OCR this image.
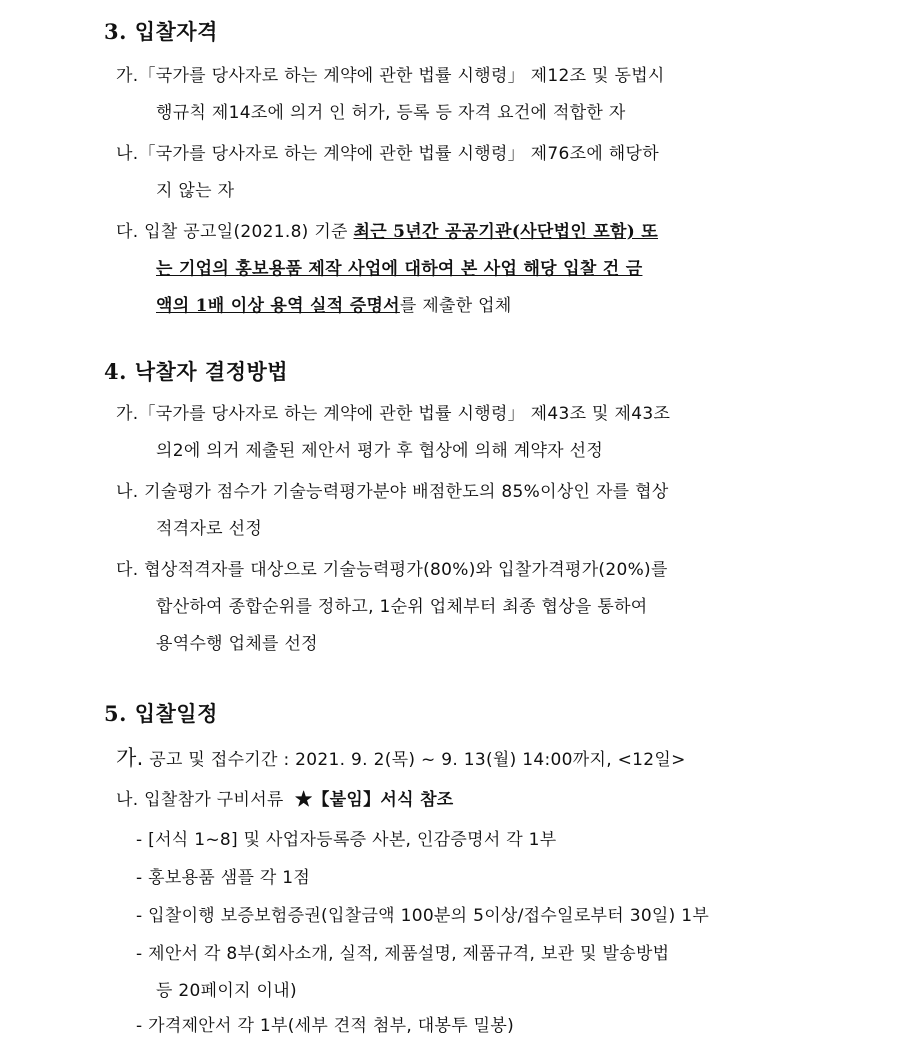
3. 입찰자격

가.「국가를 당사자로 하는 계약에 관한 법률 시행령」 제12조 및 동법시
행규칙 제14조에 의거 인 허가, 등록 등 자격 요건에 적합한 자

나.「국가를 당사자로 하는 계약에 관한 법률 시행령」 제76조에 해당하
지 않는 자

다. 입찰 공고일(2021.8) 기준 최근 5년간 공공기관(사단법인 포함) 또
는 기업의 홍보용품 제작 사업에 대하여 본 사업 해당 입찰 건 금
액의 1배 이상 용역 실적 증명서를 제출한 업체

4. 낙찰자 결정방법

가.「국가를 당사자로 하는 계약에 관한 법률 시행령」 제43조 및 제43조
의2에 의거 제출된 제안서 평가 후 협상에 의해 계약자 선정

나. 기술평가 점수가 기술능력평가분야 배점한도의 85%이상인 자를 협상
적격자로 선정

다. 협상적격자를 대상으로 기술능력평가(80%)와 입찰가격평가(20%)를
합산하여 종합순위를 정하고, 1순위 업체부터 최종 협상을 통하여
용역수행 업체를 선정

5. 입찰일정

가. 공고 및 접수기간 : 2021. 9. 2(목) ~ 9. 13(월) 14:00까지, <12일>

나. 입찰참가 구비서류 ★【붙임】서식 참조

- [서식 1~8] 및 사업자등록증 사본, 인감증명서 각 1부

- 홍보용품 샘플 각 1점

- 입찰이행 보증보험증권(입찰금액 100분의 5이상/접수일로부터 30일) 1부

- 제안서 각 8부(회사소개, 실적, 제품설명, 제품규격, 보관 및 발송방법
등 20페이지 이내)

- 가격제안서 각 1부(세부 견적 첨부, 대봉투 밀봉)
